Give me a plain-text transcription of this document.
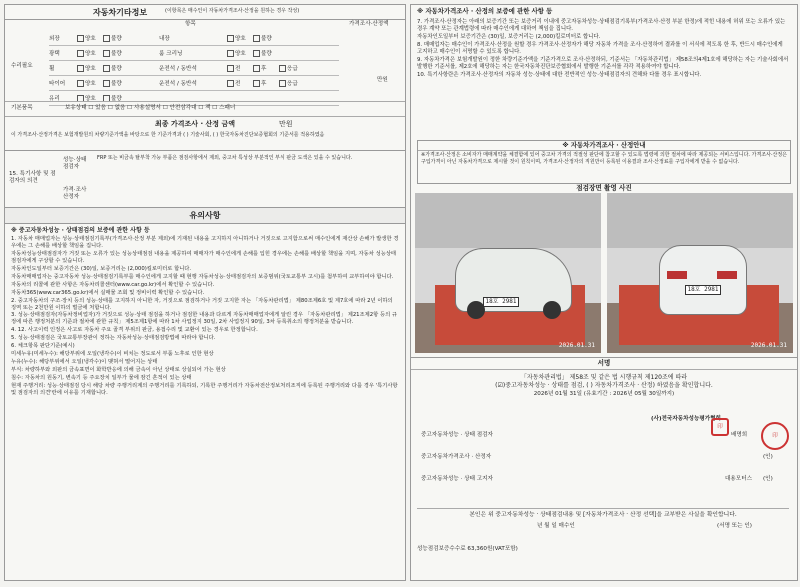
자동차기타정보	(이항목은 매수인이 자동차가격조사·산정을 원하는 경우 작성)
항목	가격조사·산정액
수리필요
만원
외장	양호	불량	내장	양호	불량
광택	양호	불량	룸 크리닝	양호	불량
휠	양호	불량	운전석 / 동반석	전	후	응급
타이어	양호	불량	운전석 / 동반석	전	후	응급
유리	양호	불량
기본품목	보유상태 ☐ 있음 ☐ 없음 ☐ 사용설명서 ☐ 안전삼각대 ☐ 잭 ☐ 스패너
최종 가격조사 · 산정 금액	만원
이 가격조사·산정가격은 보험개발원의 차량기준가액을 바탕으로 한 기준가격과 ( ) 기술사회, ( ) 한국자동차진단보증협회의 기준서를 적용하였음
15. 특기사항 및 점검자의 의견
성능·상태 점검자
FRP 또는 비금속 탈부착 가능 부품은 점검사항에서 제외, 중고차 특성상 부분적인 부식 판금 도색은 있을 수 있습니다.
가격·조사 산정자
유의사항
※ 중고자동차성능 · 상태점검의 보증에 관한 사항 등
1. 자동차 매매업자는 성능·상태점검기록부(가격조사·산정 부분 제외)에 기재된 내용을 고지하지 아니하거나 거짓으로 고지함으로써 매수인에게 재산상 손해가 발생한 경우에는 그 손해를 배상할 책임을 집니다.
자동차성능상태점검자가 거짓 또는 오류가 있는 성능상태점검 내용을 제공하여 매매자가 매수인에게 손해를 입힌 경우에는 손해를 배상할 책임을 지며, 자동차 성능상태점검자에게 구상할 수 있습니다.
자동차인도일부터 보증기간은 (30)일, 보증거리는 (2,000)킬로미터로 합니다.
자동차매매업자는 중고자동차 성능·상태점검기록부를 매수인에게 고지할 때 현행 자동차성능·상태점검자의 보증범위(국토교통부 고시)를 첨부하여 교부하여야 합니다.
자동차의 리콜에 관한 사항은 자동차리콜센터(www.car.go.kr)에서 확인할 수 있습니다.
자동차365(www.car365.go.kr)에서 실매물 조회 및 정비이력 확인할 수 있습니다.
2. 중고자동차의 구조·장치 등의 성능·상태를 고지하지 아니한 자, 거짓으로 점검하거나 거짓 고지한 자는 「자동차관리법」 제80조제6호 및 제7호에 따라 2년 이하의 징역 또는 2천만원 이하의 벌금에 처합니다.
3. 성능·상태점검자(자동차정비업자)가 거짓으로 성능·상태 점검을 하거나 점검한 내용과 다르게 자동차매매업자에게 알린 경우 「자동차관리법」 제21조제2항 등의 규정에 따른 행정처분의 기준과 절차에 관한 규칙」 제5조제1항에 따라 1차 사업정지 30일, 2차 사업정지 90일, 3차 등록취소의 행정처분을 받습니다.
4. 12. 사고이력 인정은 사고로 자동차 주요 골격 부위의 판금, 용접수리 및 교환이 있는 경우로 한정합니다.
5. 성능·상태점검은 국토교통부장관이 정하는 자동차성능·상태점검방법에 따라야 합니다.
6. 체크항목 판단기준(예시)
미세누유(미세누수): 해당부위에 오일(냉각수)이 비치는 정도로서 부품 노후로 인한 현상
누유(누수): 해당부위에서 오일(냉각수)이 맺혀서 떨어지는 상태
부식: 차량하부와 외판의 금속표면이 화학반응에 의해 금속이 아닌 상태로 상실되어 가는 현상
침수: 자동차의 원동기, 변속기 등 주요장치 일부가 물에 잠긴 흔적이 있는 상태
현재 주행거리: 성능·상태점검 당시 해당 차량 주행거리계의 주행거리를 기록하되, 기록한 주행거리가 자동차전산정보처리조직에 등록된 주행거리와 다를 경우 '특기사항 및 점검자의 의견'란에 이유를 기재합니다.
※ 자동차가격조사 · 산정의 보증에 관한 사항 등
7. 가격조사·산정자는 아래의 보증기간 또는 보증거리 이내에 중고자동차성능·상태점검기록부(가격조사·산정 부분 한정)에 적힌 내용에 허위 또는 오류가 있는 경우 계약 또는 관계법령에 따라 매수인에게 대하여 책임을 집니다.
자동차인도일부터 보증기간은 (30)일, 보증거리는 (2,000)킬로미터로 합니다.
8. 매매업자는 매수인이 가격조사·산정을 원할 경우 가격조사·산정자가 해당 자동차 가격을 조사·산정하여 결과를 이 서식에 적도록 한 후, 반드시 매수인에게 고지하고 매수인이 서명할 수 있도록 합니다.
9. 자동차가격은 보험개발원이 정한 차량기준가액을 기준가격으로 조사·산정하되, 기준서는 「자동차관리법」 제58조의4제1호에 해당하는 자는 기술사회에서 발행한 기준서를, 제2호에 해당하는 자는 한국자동차진단보증협회에서 발행한 기준서를 각각 적용하여야 합니다.
10. 특기사항란은 가격조사·산정자의 자동차 성능·상태에 대한 전반적인 성능·상태점검자의 견해와 다를 경우 표시합니다.
※ 자동차가격조사 · 산정안내
※가격조사·산정은 소비자가 매매계약을 체결함에 있어 중고차 가격의 적절성 판단에 참고할 수 있도록 법령에 의한 절차에 따라 제공되는 서비스입니다. 가격조사·산정은 구입가격이 아닌 자동차가격으로 제시할 것이 원칙이며, 가격조사·산정자의 직원만이 등록된 이용결과 조사·산정료를 구입자에게 받을 수 없습니다.
점검장면 촬영 사진
18호 2981
2026.01.31
18호 2981
2026.01.31
서명
「자동차관리법」 제58조 및 같은 법 시행규칙 제120조에 따라
(☑)중고자동차성능 · 상태를 점검, ( ) 자동차가격조사 · 산정) 하였음을 확인합니다.
2026년 01월 31일 (유효기간 : 2026년 05월 30일까지)
(사)전국자동차성능평가협회
중고자동차성능 · 상태 점검자	배명희	印
印
중고자동차가격조사 · 산정자	(인)
중고자동차성능 · 상태 고지자	대용모터스 (인)
본인은 위 중고자동차성능 · 상태점검내용 및 [자동차가격조사 · 산정 선택]을 교부받은 사실을 확인합니다.
년 월 일 매수인	(서명 또는 인)
성능점검보증수수료 63,360원(VAT포함)
